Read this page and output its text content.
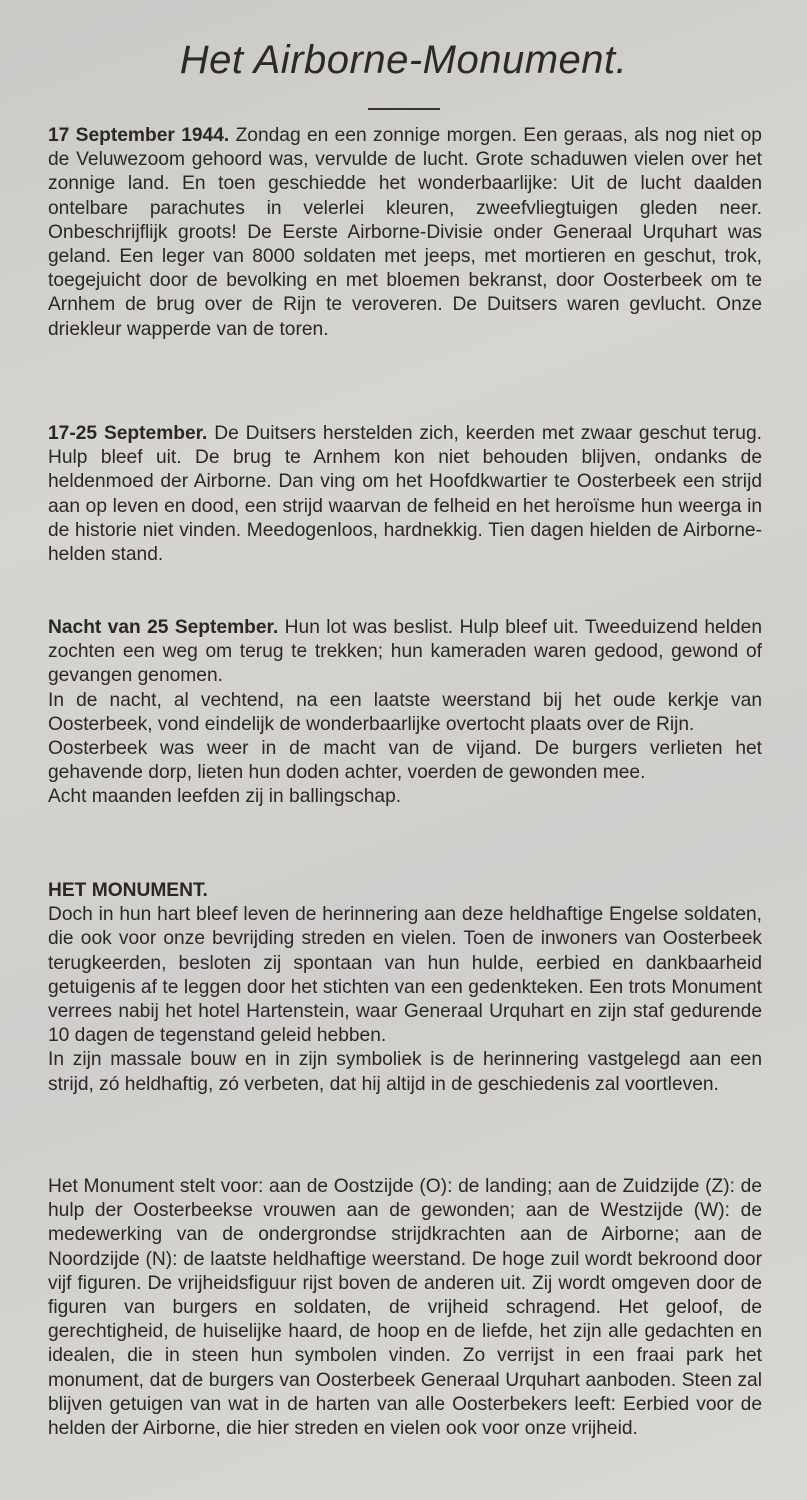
Het Airborne-Monument.

17 September 1944. Zondag en een zonnige morgen. Een geraas, als nog niet op de Veluwezoom gehoord was, vervulde de lucht. Grote schaduwen vielen over het zonnige land. En toen geschiedde het wonderbaarlijke: Uit de lucht daalden ontelbare parachutes in velerlei kleuren, zweefvliegtuigen gleden neer. Onbeschrijflijk groots! De Eerste Airborne-Divisie onder Generaal Urquhart was geland. Een leger van 8000 soldaten met jeeps, met mortieren en geschut, trok, toegejuicht door de bevolking en met bloemen bekranst, door Oosterbeek om te Arnhem de brug over de Rijn te veroveren. De Duitsers waren gevlucht. Onze driekleur wapperde van de toren.

17-25 September. De Duitsers herstelden zich, keerden met zwaar geschut terug. Hulp bleef uit. De brug te Arnhem kon niet behouden blijven, ondanks de heldenmoed der Airborne. Dan ving om het Hoofdkwartier te Oosterbeek een strijd aan op leven en dood, een strijd waarvan de felheid en het heroïsme hun weerga in de historie niet vinden. Meedogenloos, hardnekkig. Tien dagen hielden de Airborne-helden stand.

Nacht van 25 September. Hun lot was beslist. Hulp bleef uit. Tweeduizend helden zochten een weg om terug te trekken; hun kameraden waren gedood, gewond of gevangen genomen.

In de nacht, al vechtend, na een laatste weerstand bij het oude kerkje van Oosterbeek, vond eindelijk de wonderbaarlijke overtocht plaats over de Rijn.

Oosterbeek was weer in de macht van de vijand. De burgers verlieten het gehavende dorp, lieten hun doden achter, voerden de gewonden mee.

Acht maanden leefden zij in ballingschap.

HET MONUMENT.

Doch in hun hart bleef leven de herinnering aan deze heldhaftige Engelse soldaten, die ook voor onze bevrijding streden en vielen. Toen de inwoners van Oosterbeek terugkeerden, besloten zij spontaan van hun hulde, eerbied en dankbaarheid getuigenis af te leggen door het stichten van een gedenkteken. Een trots Monument verrees nabij het hotel Hartenstein, waar Generaal Urquhart en zijn staf gedurende 10 dagen de tegenstand geleid hebben.

In zijn massale bouw en in zijn symboliek is de herinnering vastgelegd aan een strijd, zó heldhaftig, zó verbeten, dat hij altijd in de geschiedenis zal voortleven.

Het Monument stelt voor: aan de Oostzijde (O): de landing; aan de Zuidzijde (Z): de hulp der Oosterbeekse vrouwen aan de gewonden; aan de Westzijde (W): de medewerking van de ondergrondse strijdkrachten aan de Airborne; aan de Noordzijde (N): de laatste heldhaftige weerstand. De hoge zuil wordt bekroond door vijf figuren. De vrijheidsfiguur rijst boven de anderen uit. Zij wordt omgeven door de figuren van burgers en soldaten, de vrijheid schragend. Het geloof, de gerechtigheid, de huiselijke haard, de hoop en de liefde, het zijn alle gedachten en idealen, die in steen hun symbolen vinden. Zo verrijst in een fraai park het monument, dat de burgers van Oosterbeek Generaal Urquhart aanboden. Steen zal blijven getuigen van wat in de harten van alle Oosterbekers leeft: Eerbied voor de helden der Airborne, die hier streden en vielen ook voor onze vrijheid.
